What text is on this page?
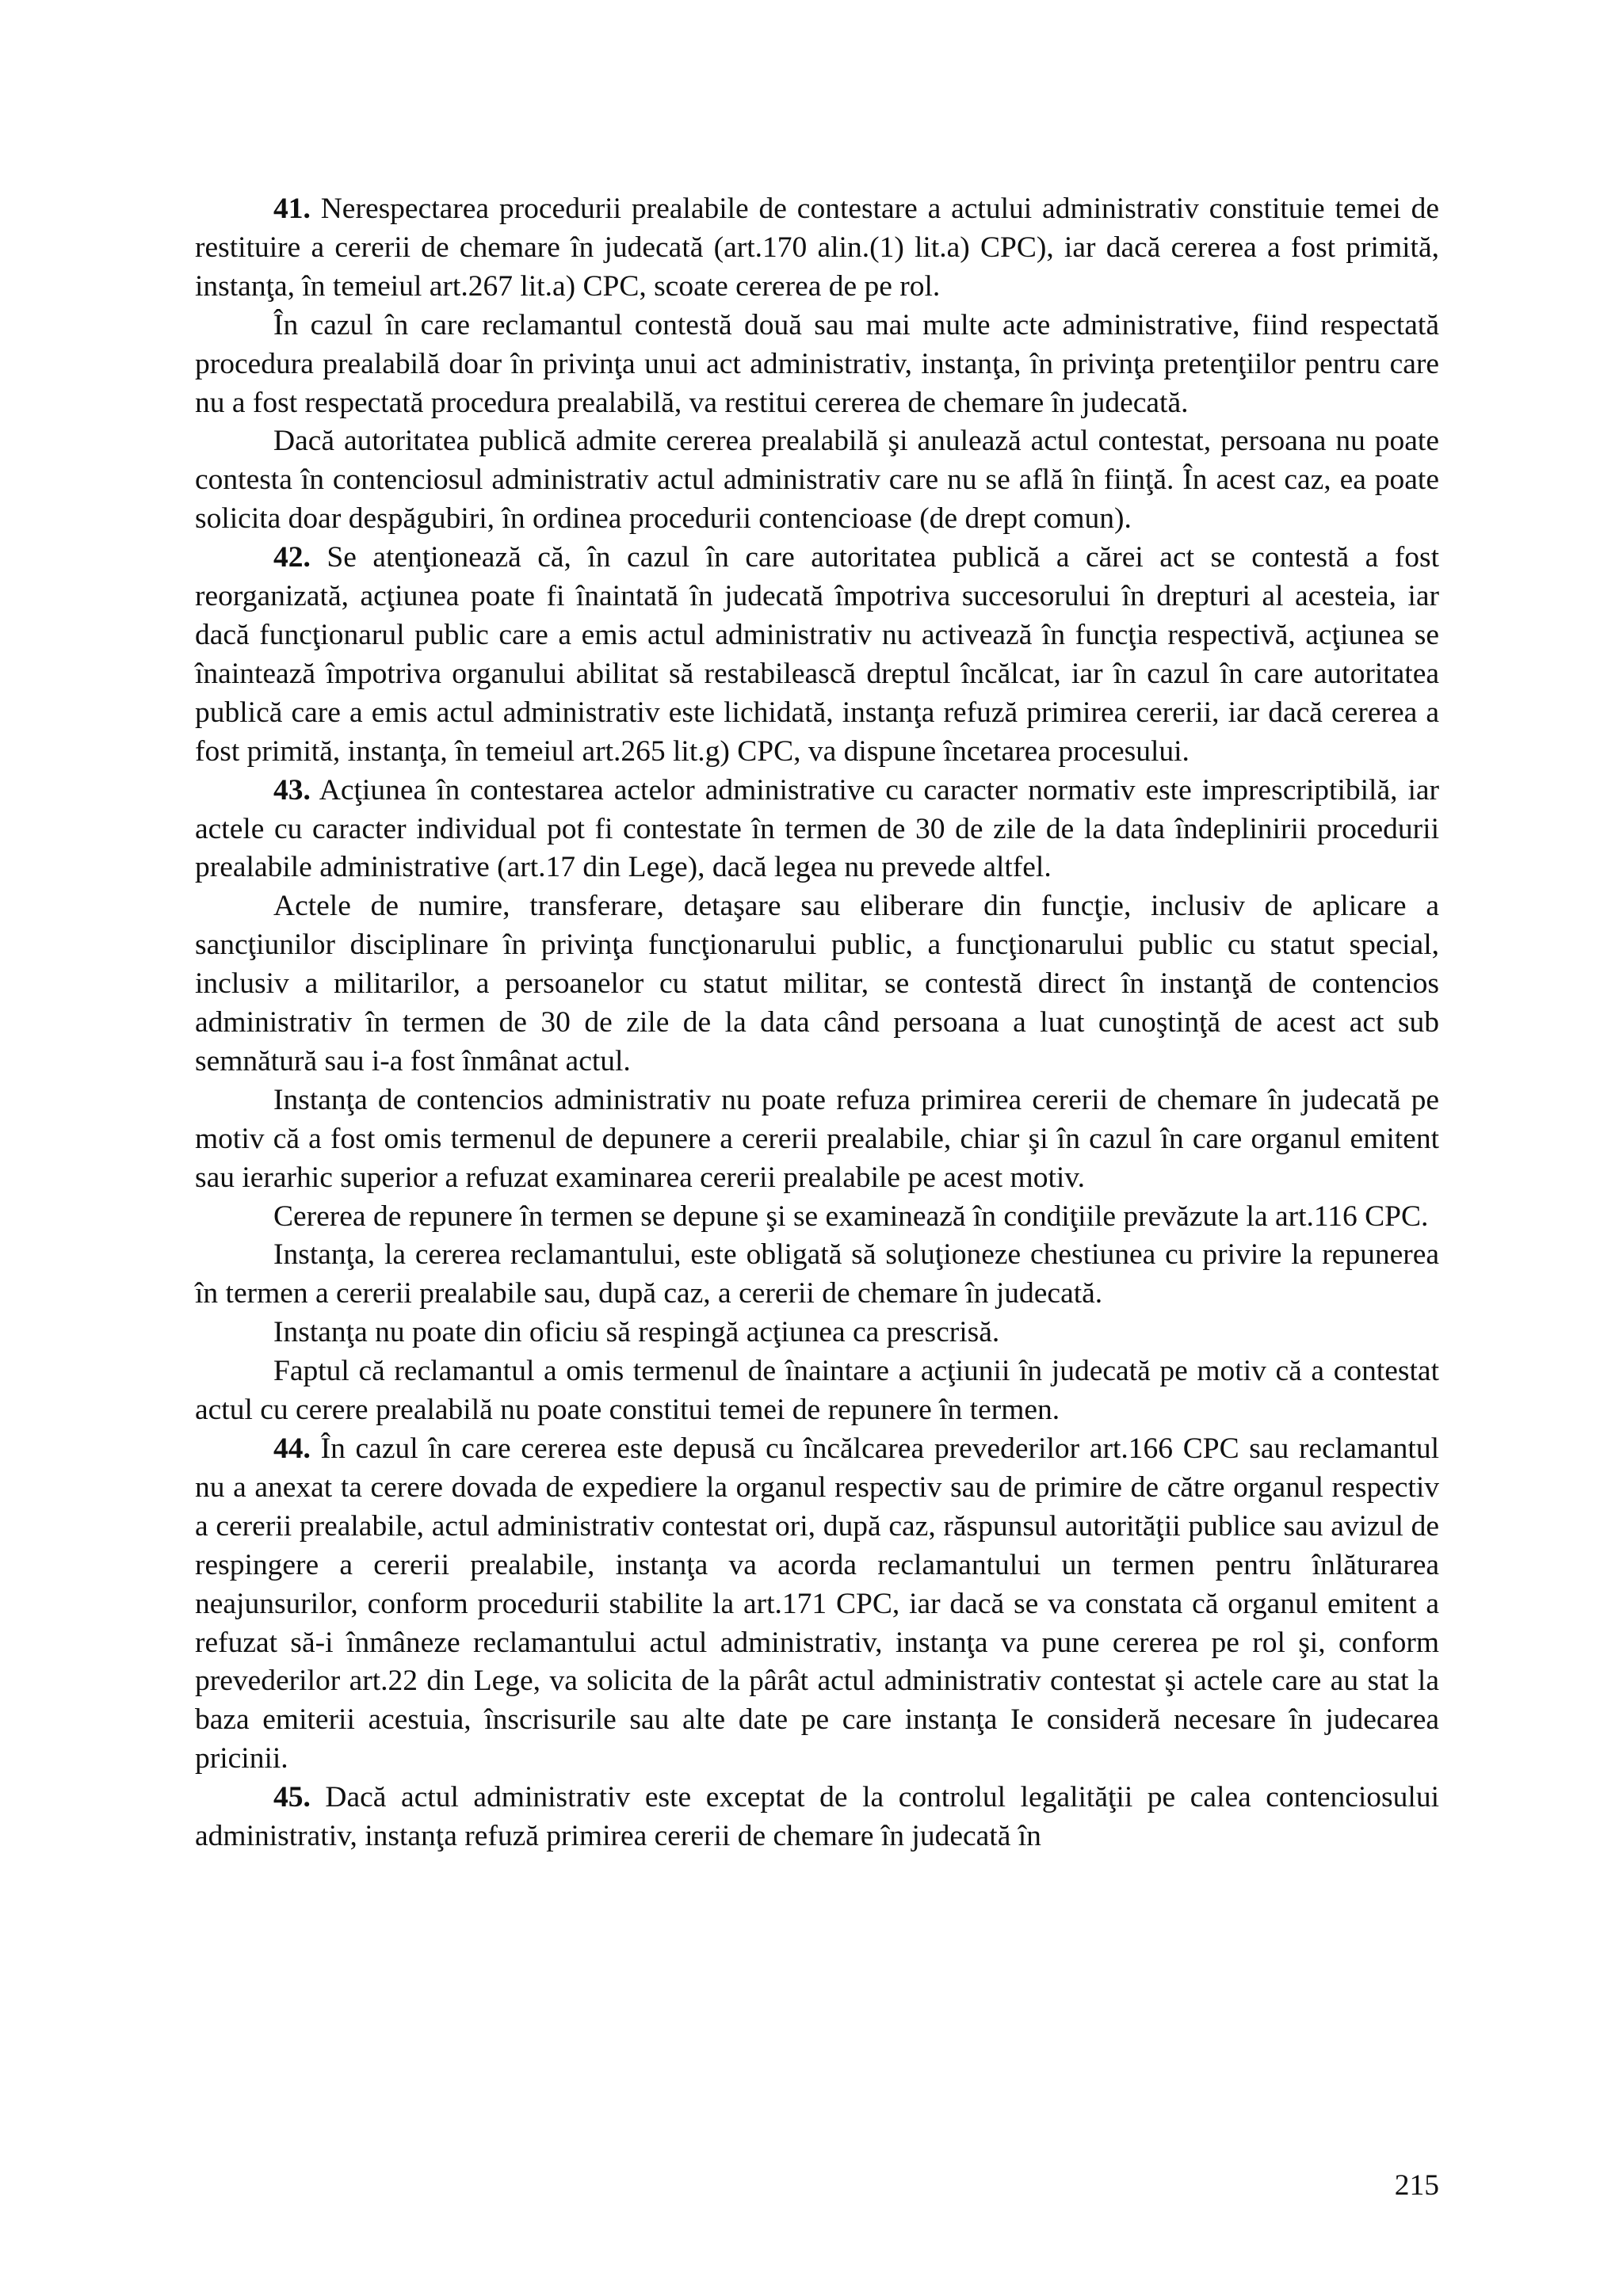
41. Nerespectarea procedurii prealabile de contestare a actului administrativ constituie temei de restituire a cererii de chemare în judecată (art.170 alin.(1) lit.a) CPC), iar dacă cererea a fost primită, instanţa, în temeiul art.267 lit.a) CPC, scoate cererea de pe rol.

În cazul în care reclamantul contestă două sau mai multe acte administrative, fiind respectată procedura prealabilă doar în privinţa unui act administrativ, instanţa, în privinţa pretenţiilor pentru care nu a fost respectată procedura prealabilă, va restitui cererea de chemare în judecată.

Dacă autoritatea publică admite cererea prealabilă şi anulează actul contestat, persoana nu poate contesta în contenciosul administrativ actul administrativ care nu se află în fiinţă. În acest caz, ea poate solicita doar despăgubiri, în ordinea procedurii contencioase (de drept comun).

42. Se atenţionează că, în cazul în care autoritatea publică a cărei act se contestă a fost reorganizată, acţiunea poate fi înaintată în judecată împotriva succesorului în drepturi al acesteia, iar dacă funcţionarul public care a emis actul administrativ nu activează în funcţia respectivă, acţiunea se înaintează împotriva organului abilitat să restabilească dreptul încălcat, iar în cazul în care autoritatea publică care a emis actul administrativ este lichidată, instanţa refuză primirea cererii, iar dacă cererea a fost primită, instanţa, în temeiul art.265 lit.g) CPC, va dispune încetarea procesului.

43. Acţiunea în contestarea actelor administrative cu caracter normativ este imprescriptibilă, iar actele cu caracter individual pot fi contestate în termen de 30 de zile de la data îndeplinirii procedurii prealabile administrative (art.17 din Lege), dacă legea nu prevede altfel.

Actele de numire, transferare, detaşare sau eliberare din funcţie, inclusiv de aplicare a sancţiunilor disciplinare în privinţa funcţionarului public, a funcţionarului public cu statut special, inclusiv a militarilor, a persoanelor cu statut militar, se contestă direct în instanţă de contencios administrativ în termen de 30 de zile de la data când persoana a luat cunoştinţă de acest act sub semnătură sau i-a fost înmânat actul.

Instanţa de contencios administrativ nu poate refuza primirea cererii de chemare în judecată pe motiv că a fost omis termenul de depunere a cererii prealabile, chiar şi în cazul în care organul emitent sau ierarhic superior a refuzat examinarea cererii prealabile pe acest motiv.

Cererea de repunere în termen se depune şi se examinează în condiţiile prevăzute la art.116 CPC.

Instanţa, la cererea reclamantului, este obligată să soluţioneze chestiunea cu privire la repunerea în termen a cererii prealabile sau, după caz, a cererii de chemare în judecată.

Instanţa nu poate din oficiu să respingă acţiunea ca prescrisă.

Faptul că reclamantul a omis termenul de înaintare a acţiunii în judecată pe motiv că a contestat actul cu cerere prealabilă nu poate constitui temei de repunere în termen.

44. În cazul în care cererea este depusă cu încălcarea prevederilor art.166 CPC sau reclamantul nu a anexat ta cerere dovada de expediere la organul respectiv sau de primire de către organul respectiv a cererii prealabile, actul administrativ contestat ori, după caz, răspunsul autorităţii publice sau avizul de respingere a cererii prealabile, instanţa va acorda reclamantului un termen pentru înlăturarea neajunsurilor, conform procedurii stabilite la art.171 CPC, iar dacă se va constata că organul emitent a refuzat să-i înmâneze reclamantului actul administrativ, instanţa va pune cererea pe rol şi, conform prevederilor art.22 din Lege, va solicita de la pârât actul administrativ contestat şi actele care au stat la baza emiterii acestuia, înscrisurile sau alte date pe care instanţa Ie consideră necesare în judecarea pricinii.

45. Dacă actul administrativ este exceptat de la controlul legalităţii pe calea contenciosului administrativ, instanţa refuză primirea cererii de chemare în judecată în

215
